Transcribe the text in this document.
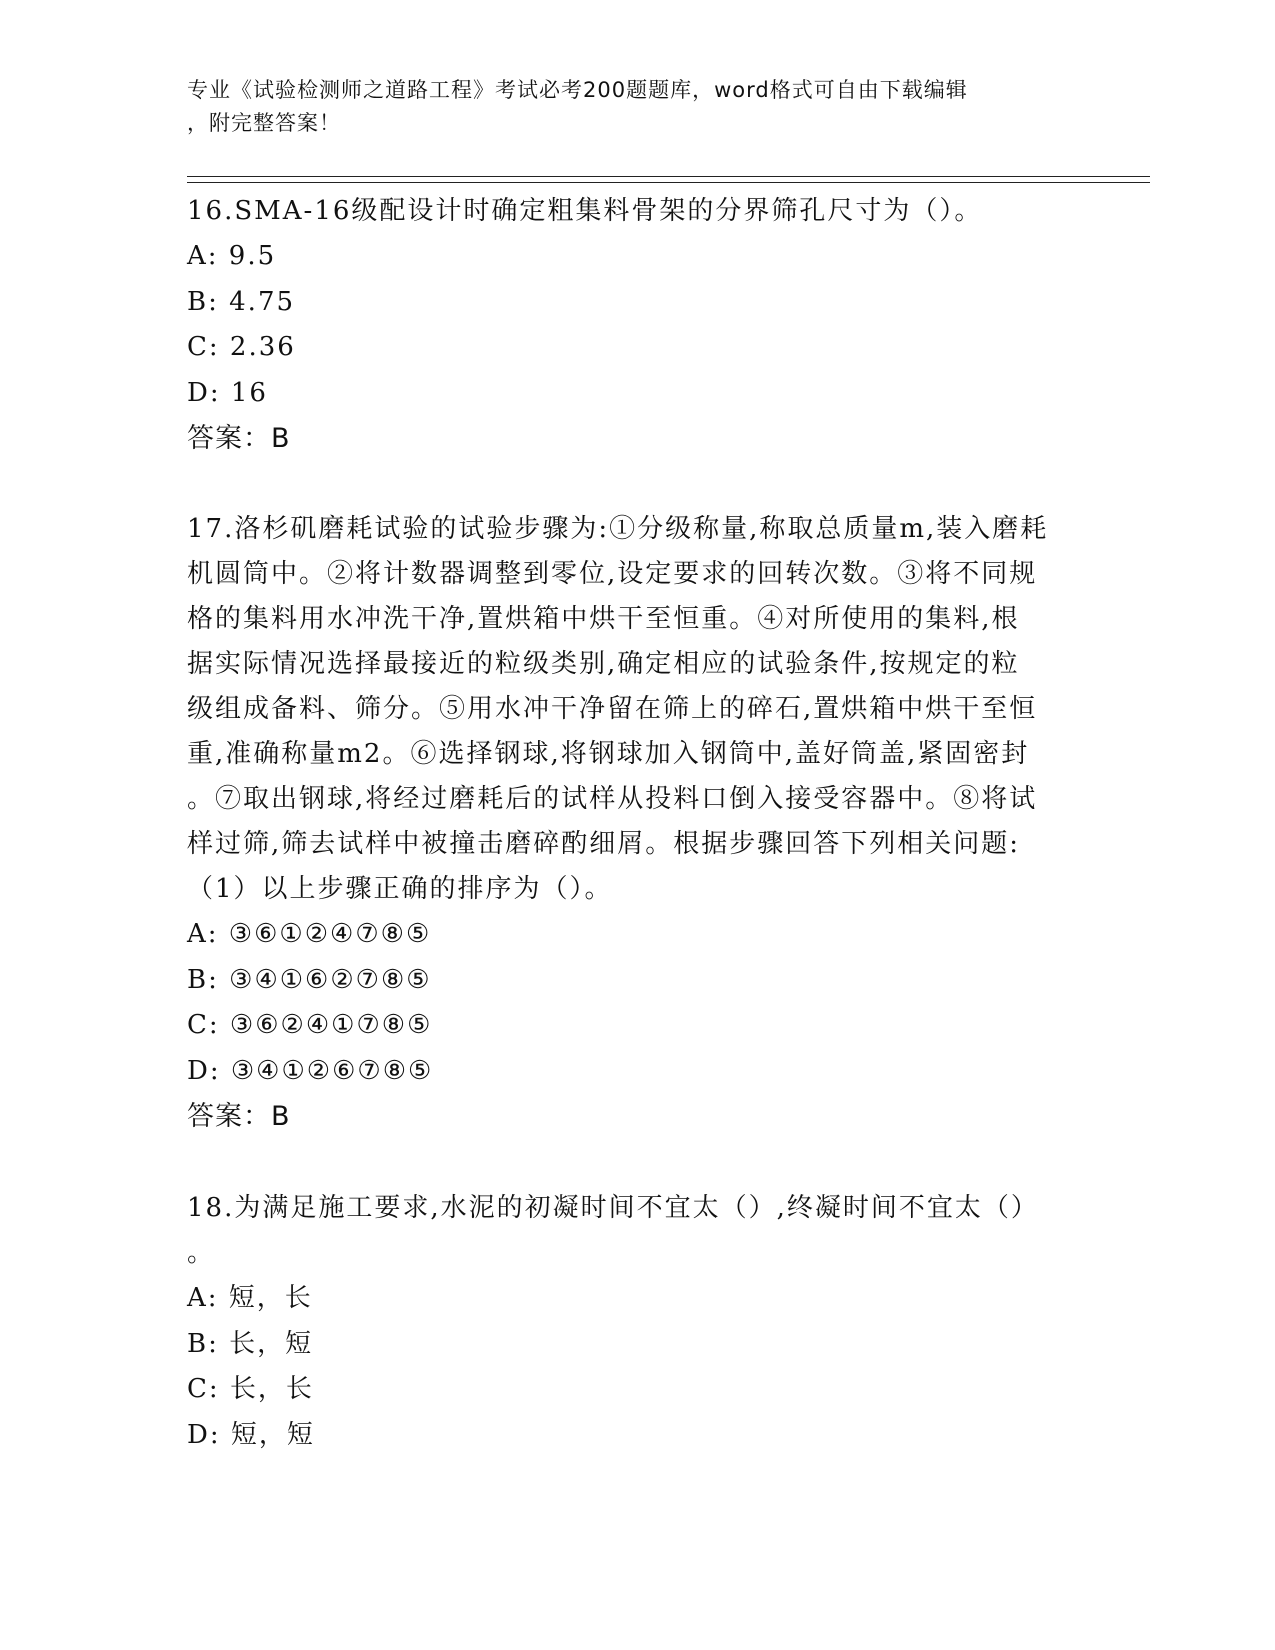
专业《试验检测师之道路工程》考试必考200题题库，word格式可自由下载编辑
，附完整答案！
16.SMA-16级配设计时确定粗集料骨架的分界筛孔尺寸为（）。
A: 9.5
B: 4.75
C: 2.36
D: 16
答案：B
17.洛杉矶磨耗试验的试验步骤为:①分级称量,称取总质量m,装入磨耗
机圆筒中。②将计数器调整到零位,设定要求的回转次数。③将不同规
格的集料用水冲洗干净,置烘箱中烘干至恒重。④对所使用的集料,根
据实际情况选择最接近的粒级类别,确定相应的试验条件,按规定的粒
级组成备料、筛分。⑤用水冲干净留在筛上的碎石,置烘箱中烘干至恒
重,准确称量m2。⑥选择钢球,将钢球加入钢筒中,盖好筒盖,紧固密封
。⑦取出钢球,将经过磨耗后的试样从投料口倒入接受容器中。⑧将试
样过筛,筛去试样中被撞击磨碎酌细屑。根据步骤回答下列相关问题:
（1）以上步骤正确的排序为（）。
A: ③⑥①②④⑦⑧⑤
B: ③④①⑥②⑦⑧⑤
C: ③⑥②④①⑦⑧⑤
D: ③④①②⑥⑦⑧⑤
答案：B
18.为满足施工要求,水泥的初凝时间不宜太（）,终凝时间不宜太（）
。
A: 短，长
B: 长，短
C: 长，长
D: 短，短
